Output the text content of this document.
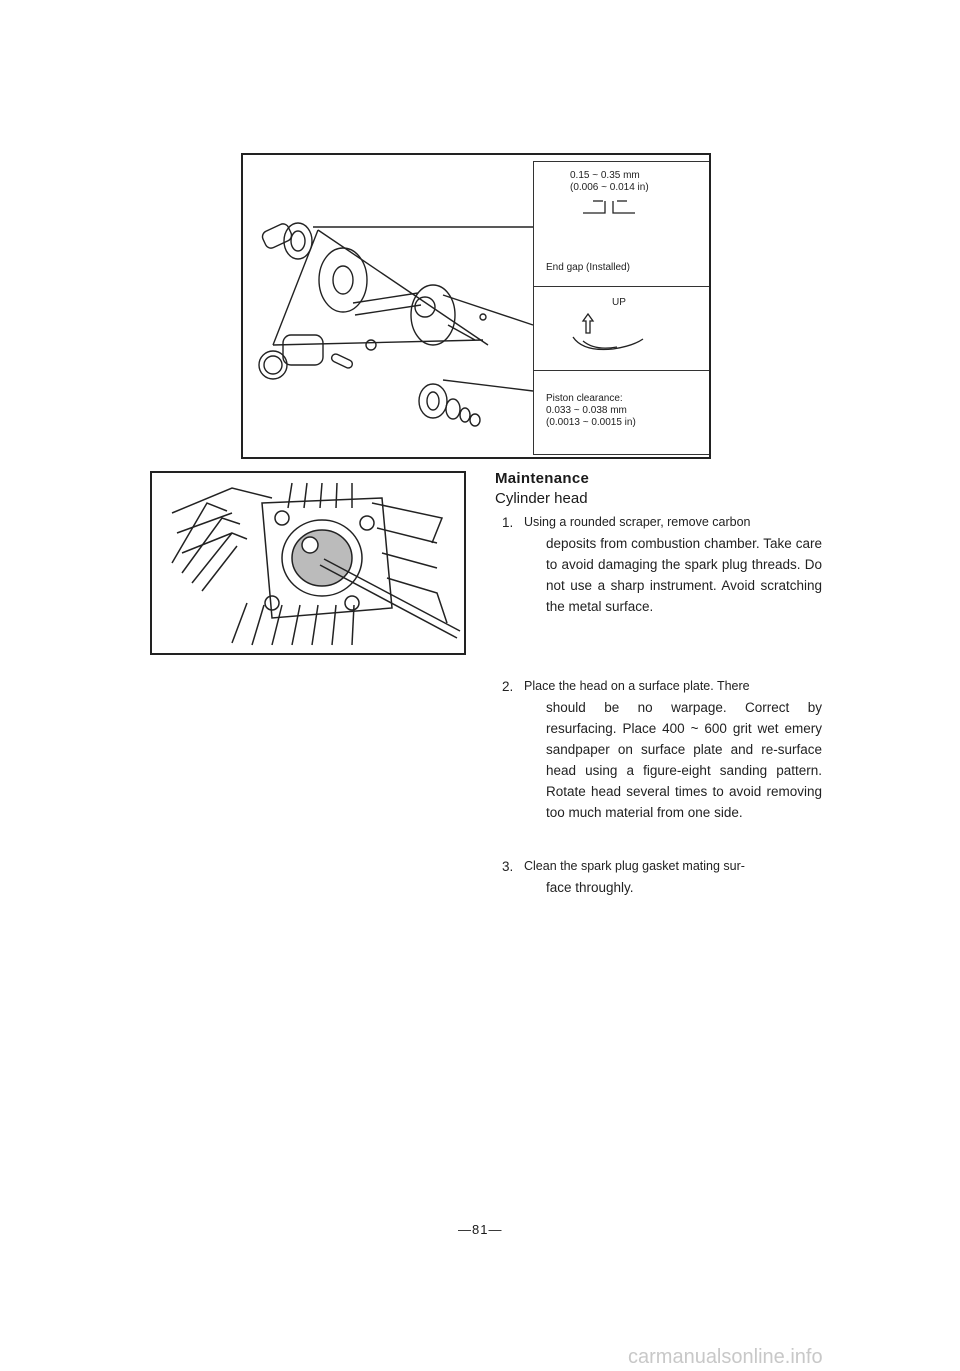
0.15 ~ 0.35 mm
(0.006 ~ 0.014 in)
End gap (Installed)
UP
Piston clearance:
0.033 ~ 0.038 mm
(0.0013 ~ 0.0015 in)
Maintenance
Cylinder head
1. Using a rounded scraper, remove carbon
deposits from combustion chamber. Take care to avoid damaging the spark plug threads. Do not use a sharp instrument. Avoid scratching the metal surface.
2. Place the head on a surface plate. There
should be no warpage. Correct by resurfacing. Place 400 ~ 600 grit wet emery sandpaper on surface plate and re-surface head using a figure-eight sanding pattern. Rotate head several times to avoid removing too much material from one side.
3. Clean the spark plug gasket mating sur-
face throughly.
—81—
carmanualsonline.info
